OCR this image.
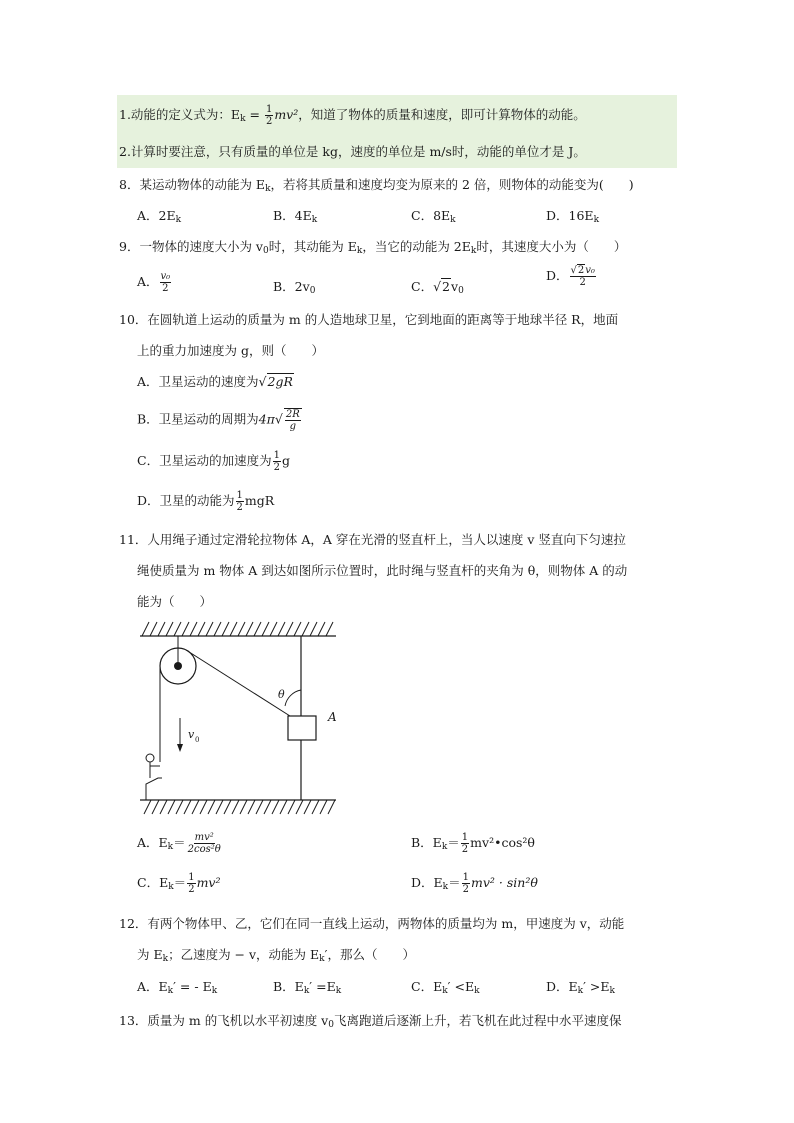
1.动能的定义式为：$E_k = \frac{1}{2} mv^2$，知道了物体的质量和速度，即可计算物体的动能。
2.计算时要注意，只有质量的单位是 kg，速度的单位是 m/s时，动能的单位才是 J。
8．某运动物体的动能为 $E_k$，若将其质量和速度均变为原来的 2 倍，则物体的动能变为(　　)
A．$2E_k$	B．$4E_k$	C．$8E_k$	D．$16E_k$
9．一物体的速度大小为 $v_0$时，其动能为 $E_k$，当它的动能为 $2E_k$时，其速度大小为（　　）
A． $\frac{\text{v₀}}{2}$	B．$2v_0$	C．$√2v_0$
D． $\frac{\text{√2v₀}}{2}$
10．在圆轨道上运动的质量为 m 的人造地球卫星，它到地面的距离等于地球半径 R，地面
上的重力加速度为 g，则（　　）
A．卫星运动的速度为√2gR
B．卫星运动的周期为$4\pi√ \frac{2R}{g}$
C．卫星运动的加速度为 $\frac{1}{2}$ g
D．卫星的动能为 $\frac{1}{2}$ mgR
11．人用绳子通过定滑轮拉物体 A，A 穿在光滑的竖直杆上，当人以速度 v 竖直向下匀速拉
绳使质量为 m 物体 A 到达如图所示位置时，此时绳与竖直杆的夹角为 θ，则物体 A 的动
能为（　　）
A
θ
v 0
A．$E_k= \frac{\text{mv²}}{\text{2cos²θ}}$	B．$E_k= \frac{1}{2}$ mv²•cos²θ
C．$E_k= \frac{1}{2} mv^2$	D．$E_k= \frac{1}{2} mv^2 \cdot \sin^2\theta$
12．有两个物体甲、乙，它们在同一直线上运动，两物体的质量均为 m，甲速度为 v，动能
为 $E_k$；乙速度为 − v，动能为 $E_k'$，那么（　　）
A．$E_k'$ = - $E_k$	B．$E_k' =E_k$	C．$E_k' <E_k$	D．$E_k' >E_k$
13．质量为 m 的飞机以水平初速度 $v_0$飞离跑道后逐渐上升，若飞机在此过程中水平速度保
